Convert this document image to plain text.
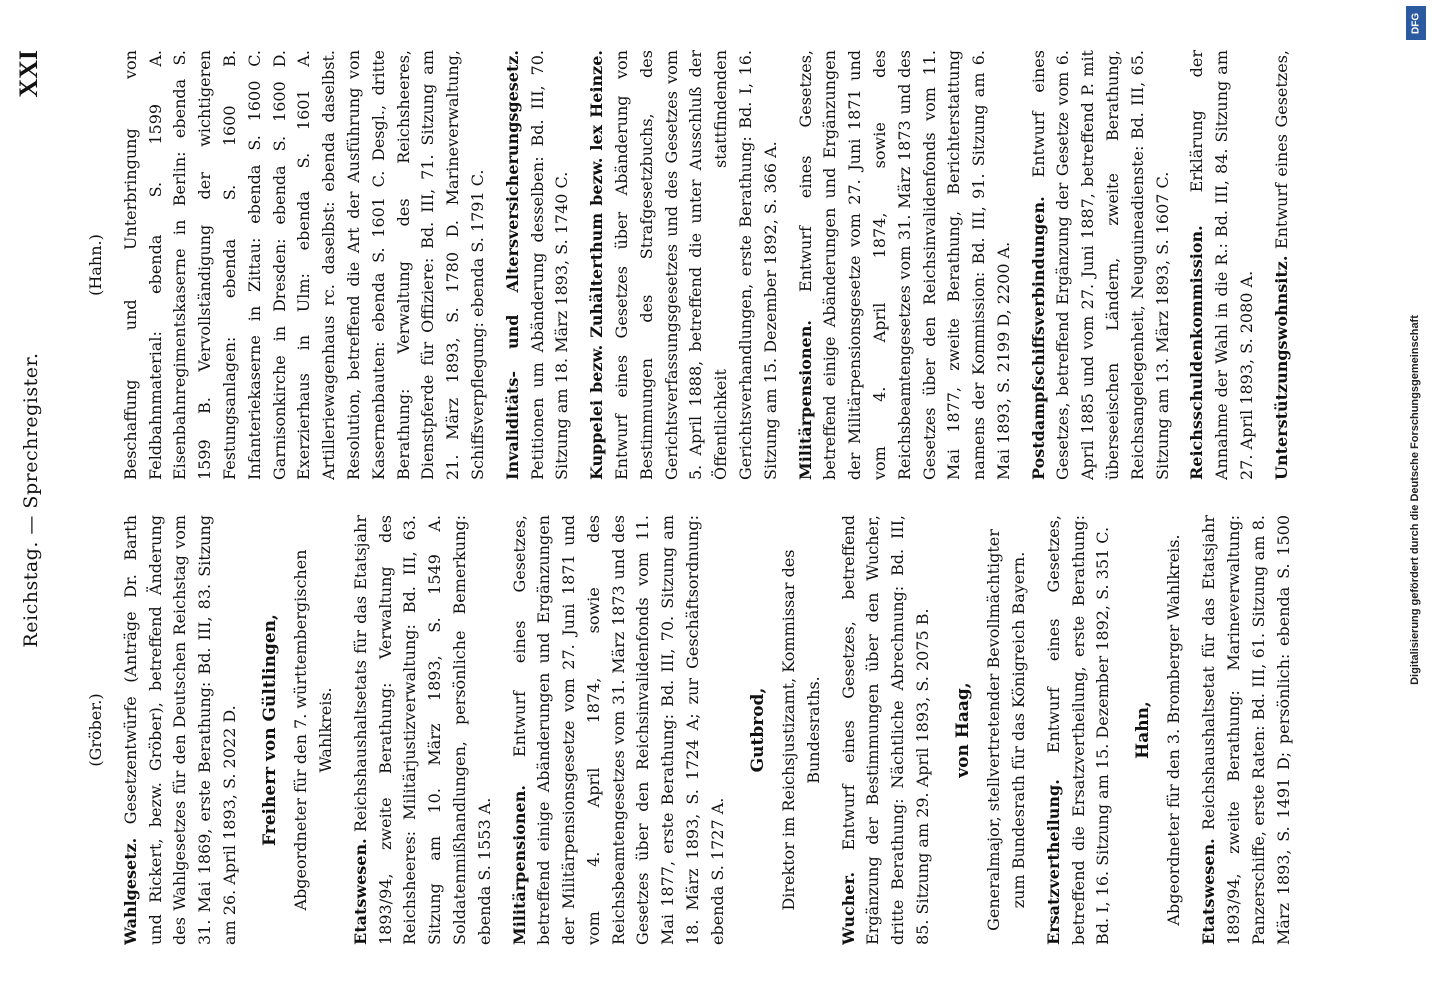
Reichstag. — Sprechregister.
XXI
(Gröber.)

Wahlgesetz. Gesetzentwürfe (Anträge Dr. Barth und Rickert, bezw. Gröber), betreffend Änderung des Wahlgesetzes für den Deutschen Reichstag vom 31. Mai 1869, erste Berathung: Bd. III, 83. Sitzung am 26. April 1893, S. 2022 D. Freiherr von Gültlingen, Abgeordneter für den 7. württembergischen Wahlkreis.

Etatswesen. Reichshaushaltsetats für das Etatsjahr 1893/94, zweite Berathung: Verwaltung des Reichsheeres: Militärjustizverwaltung: Bd. III, 63. Sitzung am 10. März 1893, S. 1549 A. Soldatenmißhandlungen, persönliche Bemerkung: ebenda S. 1553 A. Militärpensionen. Entwurf eines Gesetzes, betreffend einige Abänderungen und Ergänzungen der Militärpensionsgesetze vom 27. Juni 1871 und vom 4. April 1874, sowie des Reichsbeamtengesetzes vom 31. März 1873 und des Gesetzes über den Reichsinvalidenfonds vom 11. Mai 1877, erste Berathung: Bd. III, 70. Sitzung am 18. März 1893, S. 1724 A; zur Geschäftsordnung: ebenda S. 1727 A.

Gutbrod, Direktor im Reichsjustizamt, Kommissar des Bundesraths.

Wucher. Entwurf eines Gesetzes, betreffend Ergänzung der Bestimmungen über den Wucher, dritte Berathung: Nächtliche Abrechnung: Bd. III, 85. Sitzung am 29. April 1893, S. 2075 B. von Haag, Generalmajor, stellvertretender Bevollmächtigter zum Bundesrath für das Königreich Bayern. Ersatzvertheilung. Entwurf eines Gesetzes, betreffend die Ersatzvertheilung, erste Berathung: Bd. I, 16. Sitzung am 15. Dezember 1892, S. 351 C. Hahn, Abgeordneter für den 3. Bromberger Wahlkreis. Etatswesen. Reichshaushaltsetat für das Etatsjahr 1893/94, zweite Berathung: Marineverwaltung: Panzerschiffe, erste Raten: Bd. III, 61. Sitzung am 8. März 1893, S. 1491 D; persönlich: ebenda S. 1500

(Hahn.) Beschaffung und Unterbringung von Feldbahnmaterial: ebenda S. 1599 A. Eisenbahnregimentskaserne in Berlin: ebenda S. 1599 B. Vervollständigung der wichtigeren Festungsanlagen: ebenda S. 1600 B. Infanteriekaserne in Zittau: ebenda S. 1600 C. Garnisonkirche in Dresden: ebenda S. 1600 D. Exerzierhaus in Ulm: ebenda S. 1601 A. Artilleriewagenhaus rc. daselbst: ebenda daselbst. Resolution, betreffend die Art der Ausführung von Kasernenbauten: ebenda S. 1601 C. Desgl., dritte Berathung: Verwaltung des Reichsheeres, Dienstpferde für Offiziere: Bd. III, 71. Sitzung am 21. März 1893, S. 1780 D. Marineverwaltung, Schiffsverpflegung: ebenda S. 1791 C. Invaliditäts- und Altersversicherungsgesetz. Petitionen um Abänderung desselben: Bd. III, 70. Sitzung am 18. März 1893, S. 1740 C. Kuppelei bezw. Zuhälterthum bezw. lex Heinze. Entwurf eines Gesetzes über Abänderung von Bestimmungen des Strafgesetzbuchs, des Gerichtsverfassungsgesetzes und des Gesetzes vom 5. April 1888, betreffend die unter Ausschluß der Öffentlichkeit stattfindenden Gerichtsverhandlungen, erste Berathung: Bd. I, 16. Sitzung am 15. Dezember 1892, S. 366 A. Militärpensionen. Entwurf eines Gesetzes, betreffend einige Abänderungen und Ergänzungen der Militärpensionsgesetze vom 27. Juni 1871 und vom 4. April 1874, sowie des Reichsbeamtengesetzes vom 31. März 1873 und des Gesetzes über den Reichsinvalidenfonds vom 11. Mai 1877, zweite Berathung, Berichterstattung namens der Kommission: Bd. III, 91. Sitzung am 6. Mai 1893, S. 2199 D, 2200 A. Postdampfschiffsverbindungen. Entwurf eines Gesetzes, betreffend Ergänzung der Gesetze vom 6. April 1885 und vom 27. Juni 1887, betreffend P. mit überseeischen Ländern, zweite Berathung, Reichsangelegenheit, Neuguineadienste: Bd. III, 65. Sitzung am 13. März 1893, S. 1607 C. Reichsschuldenkommission. Erklärung der Annahme der Wahl in die R.: Bd. III, 84. Sitzung am 27. April 1893, S. 2080 A. Unterstützungswohnsitz. Entwurf eines Gesetzes,

DFG
Digitalisierung gefördert durch die Deutsche Forschungsgemeinschaft
